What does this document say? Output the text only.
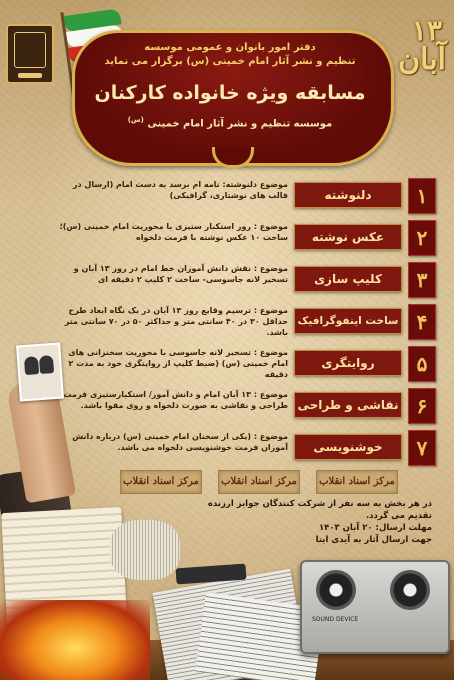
۱۳
آبان
دفتر امور بانوان و عمومی موسسه
تنظیم و نشر آثار امام خمینی (س) برگزار می نماید
مسابقه ویژه خانواده کارکنان
موسسه تنظیم و نشر آثار امام خمینی $^{(س)}$
۱
دلنوشته
موضوع دلنوشته: نامه ام برسد به دست امام (ارسال در قالب های نوشتاری، گرافیکی)
۲
عکس نوشته
موضوع : روز استکبار ستیزی با محوریت امام خمینی (س)؛ ساخت ۱۰ عکس نوشته با فرمت دلخواه
۳
کلیپ سازی
موضوع : نقش دانش آموزان خط امام در روز ۱۳ آبان و تسخیر لانه جاسوسی- ساخت ۲ کلیپ ۲ دقیقه ای
۴
ساخت اینفوگرافیک
موضوع : ترسیم وقایع روز ۱۳ آبان در یک نگاه ابعاد طرح حداقل ۳۰ در ۴۰ سانتی متر و حداکثر ۵۰ در ۷۰ سانتی متر باشد.
۵
روایتگری
موضوع : تسخیر لانه جاسوسی با محوریت سخنرانی های امام خمینی (س) (ضبط کلیپ از روایتگری خود به مدت ۲ دقیقه
۶
نقاشی و طراحی
موضوع : ۱۳ آبان امام و دانش آموز/ استکبارستیزی فرمت طراحی و نقاشی به صورت دلخواه و روی مقوا باشد.
۷
خوشنویسی
موضوع : (یکی از سخنان امام خمینی (س) درباره دانش آموزان فرمت خوشنویسی دلخواه می باشد.
مرکز اسناد انقلاب	مرکز اسناد انقلاب	مرکز اسناد انقلاب
در هر بخش به سه نفر از شرکت کنندگان جوایز ارزنده تقدیم می گردد.
مهلت ارسال: ۲۰ آبان ۱۴۰۳
جهت ارسال آثار به آیدی ایتا
SOUND DEVICE
